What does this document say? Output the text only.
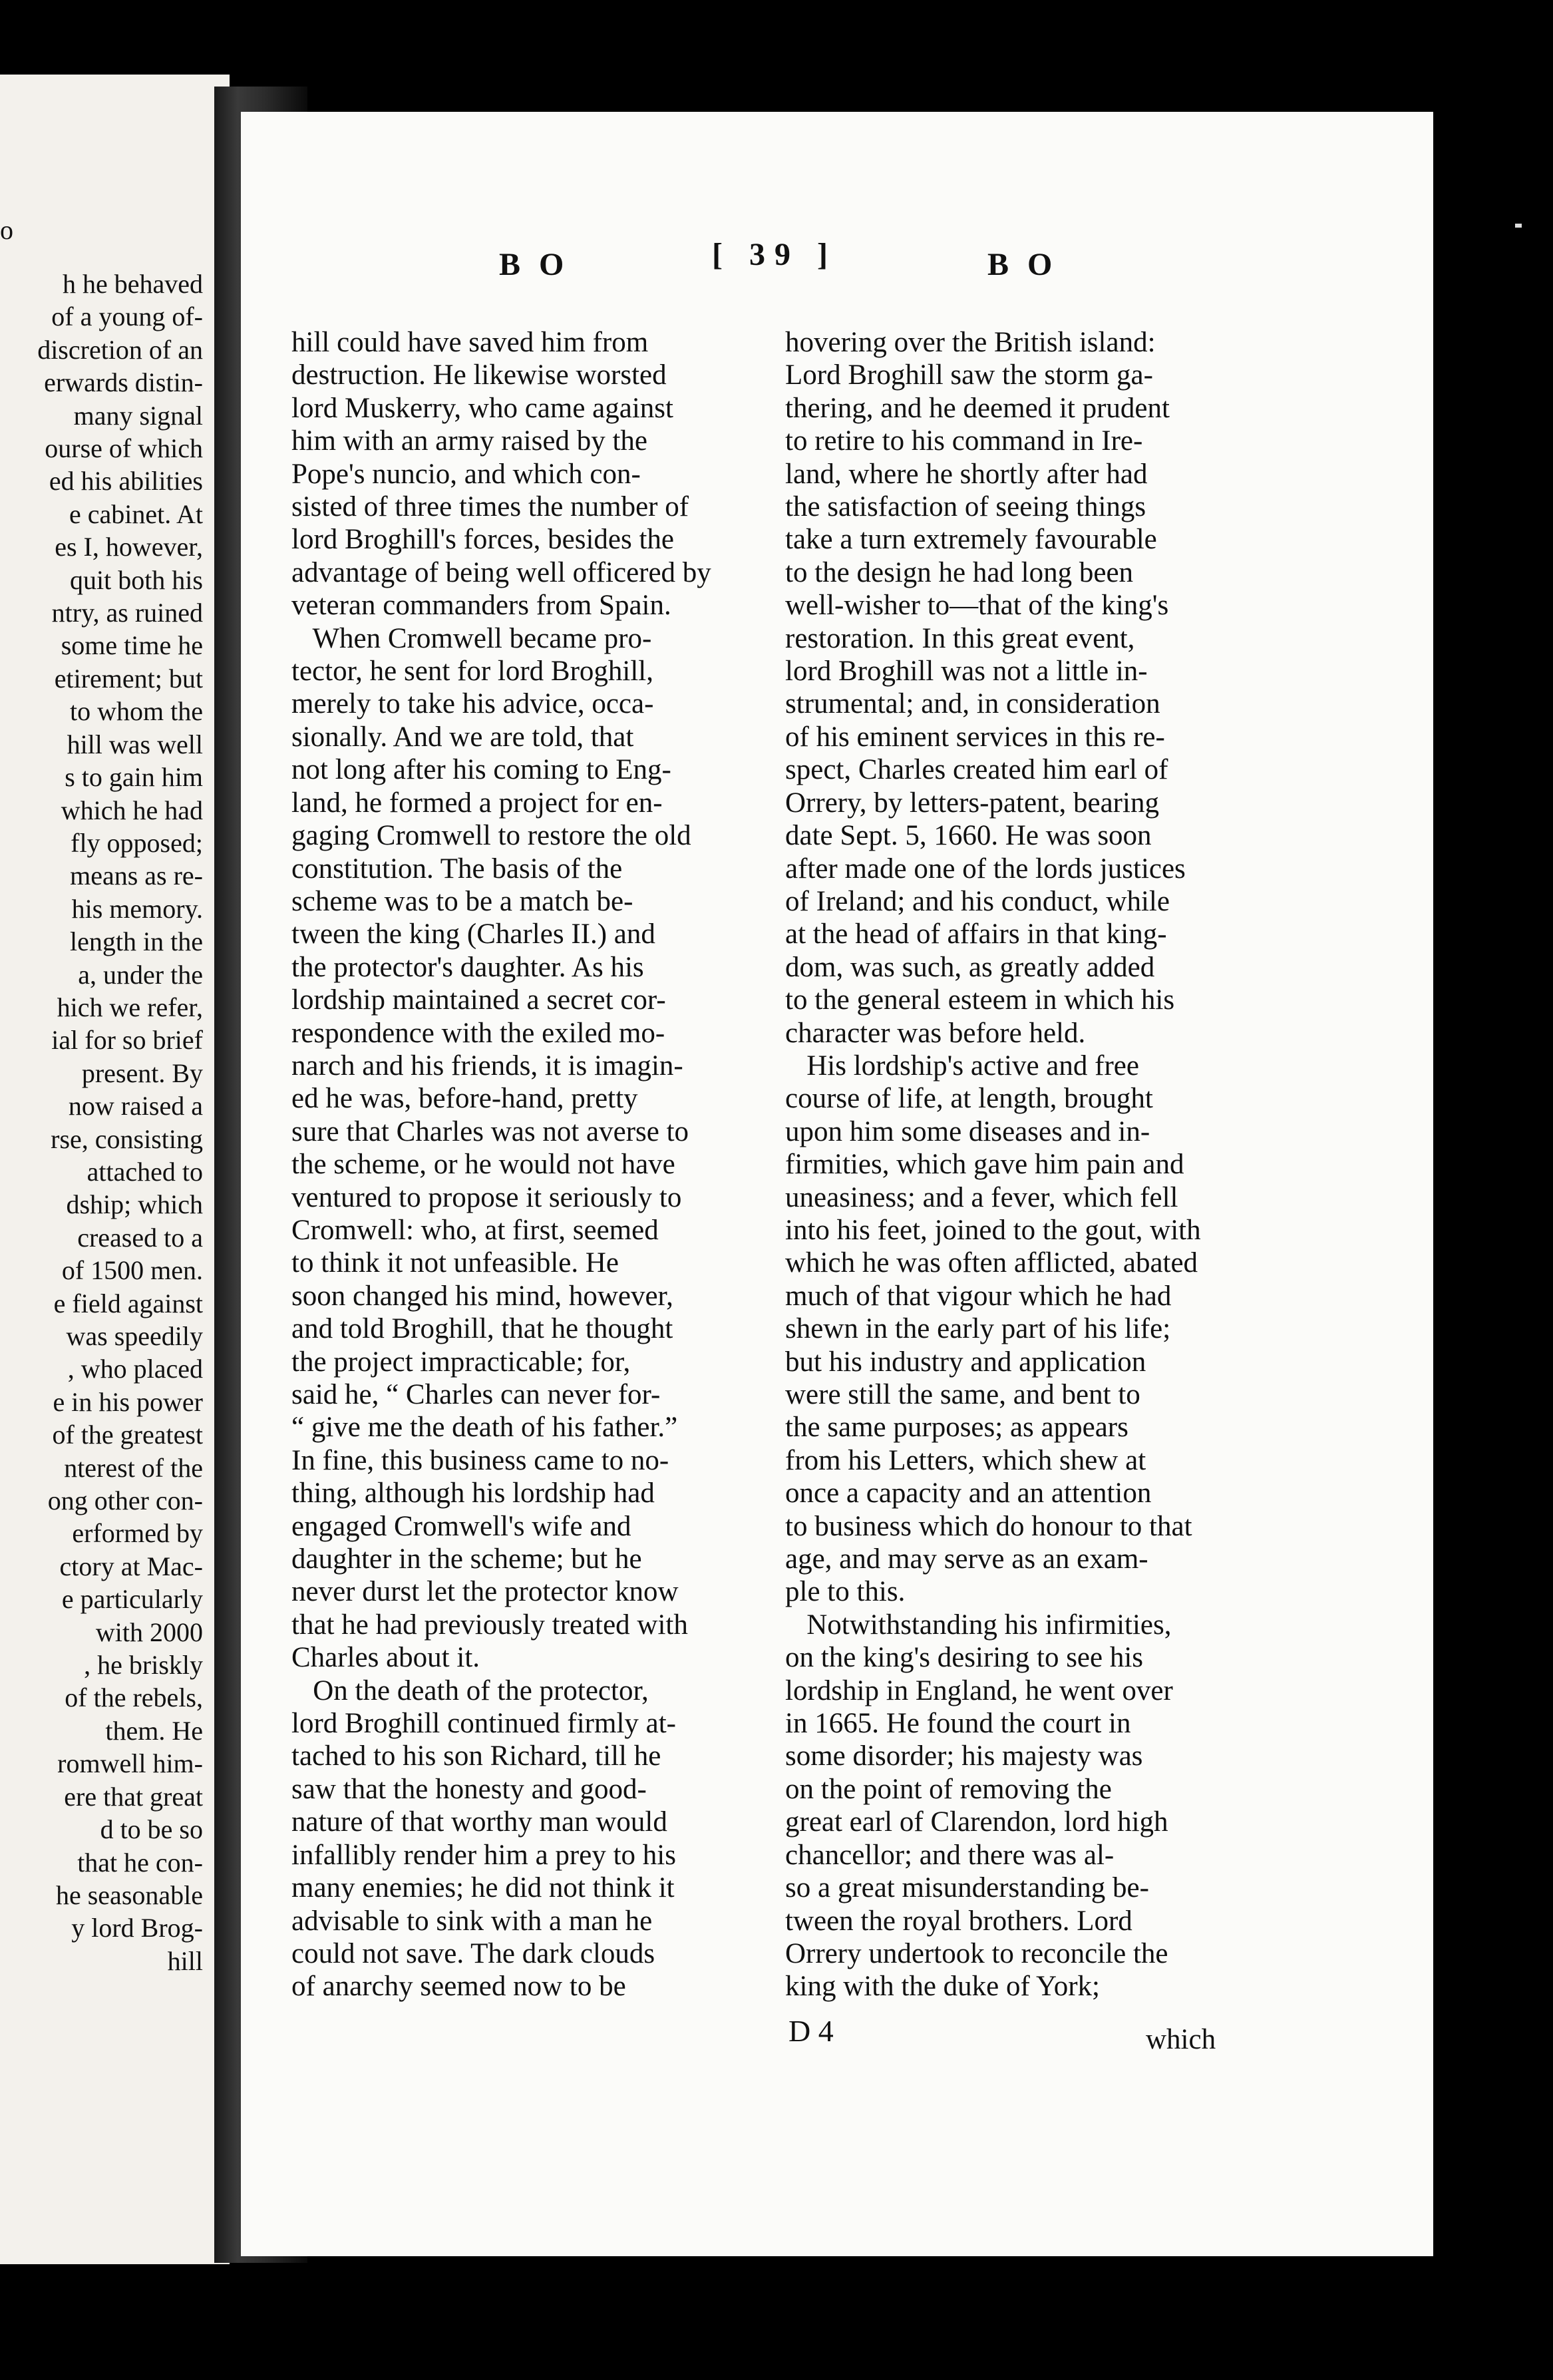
o
h he behaved
of a young of-
discretion of an
erwards distin-
many signal
ourse of which
ed his abilities
e cabinet. At
es I, however,
quit both his
ntry, as ruined
some time he
etirement; but
to whom the
hill was well
s to gain him
which he had
fly opposed;
means as re-
his memory.
length in the
a, under the
hich we refer,
ial for so brief
present. By
now raised a
rse, consisting
attached to
dship; which
creased to a
of 1500 men.
e field against
was speedily
, who placed
e in his power
of the greatest
nterest of the
ong other con-
erformed by
ctory at Mac-
e particularly
with 2000
, he briskly
of the rebels,
them. He
romwell him-
ere that great
d to be so
that he con-
he seasonable
y lord Brog-
hill
B O	[ 39 ]	B O
hill could have saved him from
destruction. He likewise worsted
lord Muskerry, who came against
him with an army raised by the
Pope's nuncio, and which con-
sisted of three times the number of
lord Broghill's forces, besides the
advantage of being well officered by
veteran commanders from Spain.
When Cromwell became pro-
tector, he sent for lord Broghill,
merely to take his advice, occa-
sionally. And we are told, that
not long after his coming to Eng-
land, he formed a project for en-
gaging Cromwell to restore the old
constitution. The basis of the
scheme was to be a match be-
tween the king (Charles II.) and
the protector's daughter. As his
lordship maintained a secret cor-
respondence with the exiled mo-
narch and his friends, it is imagin-
ed he was, before-hand, pretty
sure that Charles was not averse to
the scheme, or he would not have
ventured to propose it seriously to
Cromwell: who, at first, seemed
to think it not unfeasible. He
soon changed his mind, however,
and told Broghill, that he thought
the project impracticable; for,
said he, “ Charles can never for-
“ give me the death of his father.”
In fine, this business came to no-
thing, although his lordship had
engaged Cromwell's wife and
daughter in the scheme; but he
never durst let the protector know
that he had previously treated with
Charles about it.
On the death of the protector,
lord Broghill continued firmly at-
tached to his son Richard, till he
saw that the honesty and good-
nature of that worthy man would
infallibly render him a prey to his
many enemies; he did not think it
advisable to sink with a man he
could not save. The dark clouds
of anarchy seemed now to be
hovering over the British island:
Lord Broghill saw the storm ga-
thering, and he deemed it prudent
to retire to his command in Ire-
land, where he shortly after had
the satisfaction of seeing things
take a turn extremely favourable
to the design he had long been
well-wisher to—that of the king's
restoration. In this great event,
lord Broghill was not a little in-
strumental; and, in consideration
of his eminent services in this re-
spect, Charles created him earl of
Orrery, by letters-patent, bearing
date Sept. 5, 1660. He was soon
after made one of the lords justices
of Ireland; and his conduct, while
at the head of affairs in that king-
dom, was such, as greatly added
to the general esteem in which his
character was before held.
His lordship's active and free
course of life, at length, brought
upon him some diseases and in-
firmities, which gave him pain and
uneasiness; and a fever, which fell
into his feet, joined to the gout, with
which he was often afflicted, abated
much of that vigour which he had
shewn in the early part of his life;
but his industry and application
were still the same, and bent to
the same purposes; as appears
from his Letters, which shew at
once a capacity and an attention
to business which do honour to that
age, and may serve as an exam-
ple to this.
Notwithstanding his infirmities,
on the king's desiring to see his
lordship in England, he went over
in 1665. He found the court in
some disorder; his majesty was
on the point of removing the
great earl of Clarendon, lord high
chancellor; and there was al-
so a great misunderstanding be-
tween the royal brothers. Lord
Orrery undertook to reconcile the
king with the duke of York;
D 4	which
